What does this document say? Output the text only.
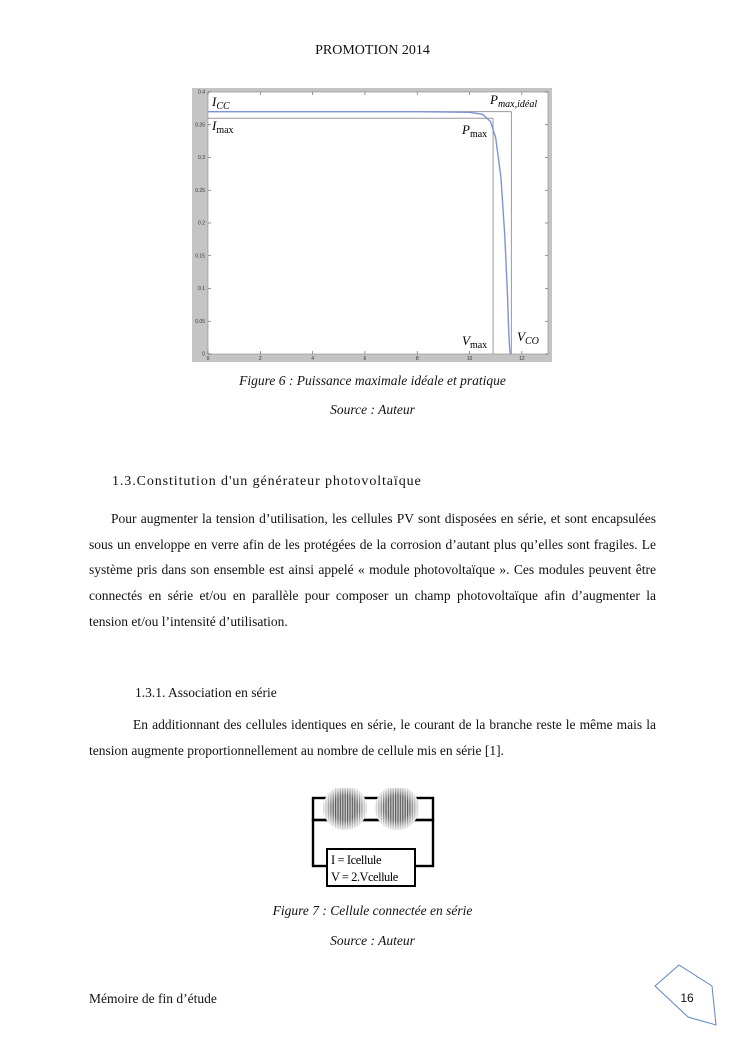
PROMOTION 2014
0	2	4	6	8	10	12
0
0.05
0.1
0.15
0.2
0.25
0.3
0.35
0.4
$I_{CC}$
$I_{max}$
$P_{max,idéal}$
$P_{max}$
$V_{max}$
$V_{CO}$
Figure 6 : Puissance maximale idéale et pratique
Source : Auteur
1.3.Constitution d'un générateur photovoltaïque
Pour augmenter la tension d’utilisation, les cellules PV sont disposées en série, et sont encapsulées sous un enveloppe en verre afin de les protégées de la corrosion d’autant plus qu’elles sont fragiles. Le système pris dans son ensemble est ainsi appelé « module photovoltaïque ». Ces modules peuvent être connectés en série et/ou en parallèle pour composer un champ photovoltaïque afin d’augmenter la tension et/ou l’intensité d’utilisation.
1.3.1. Association en série
En additionnant des cellules identiques en série, le courant de la branche reste le même mais la tension augmente proportionnellement au nombre de cellule mis en série [1].
I = Icellule
V = 2.Vcellule
Figure 7 : Cellule connectée en série
Source : Auteur
Mémoire de fin d’étude	16
